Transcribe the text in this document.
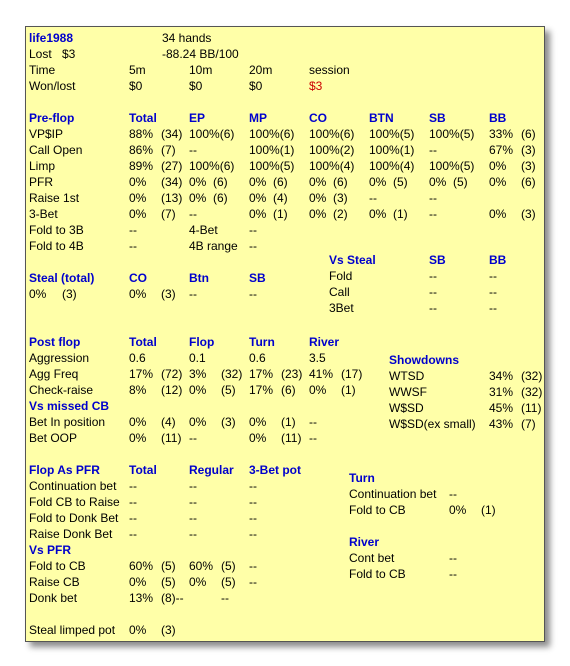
life1988	34 hands
Lost $3	-88.24 BB/100
Time	5m	10m	20m	session
Won/lost	$0	$0	$0	$3
Pre-flop	Total	EP	MP	CO	BTN	SB	BB
VP$IP	88% (34) 100%(6) 100%(6) 100%(6) 100%(5) 100%(5) 33% (6)
Call Open	86% (7) --	100%(1) 100%(2) 100%(1) --	67% (3)
Limp	89% (27) 100%(6) 100%(5) 100%(4) 100%(4) 100%(5) 0% (3)
PFR	0% (34) 0%  (6) 0%  (6) 0%  (6) 0%  (5) 0%  (5) 0% (6)
Raise 1st	0% (13) 0%  (6) 0%  (4) 0%  (3) --	--
3-Bet	0% (7) --	0%  (1) 0%  (2) 0%  (1) --	0% (3)
Fold to 3B	--	4-Bet	--
Fold to 4B	--	4B range --
Vs Steal	SB	BB
Fold	--	--
Call	--	--
3Bet	--	--
Steal (total)	CO	Btn	SB
0% (3)	0% (3) --	--
Post flop	Total	Flop	Turn	River
Aggression	0.6	0.1	0.6	3.5
Agg Freq	17% (72) 3% (32) 17% (23) 41% (17)
Check-raise	8% (12) 0% (5) 17% (6) 0% (1)
Vs missed CB
Bet In position 0% (4) 0% (3) 0% (1) --
Bet OOP	0% (11) --	0% (11) --
Showdowns
WTSD	34% (32)
WWSF	31% (32)
W$SD	45% (11)
W$SD(ex small) 43% (7)
Flop As PFR Total	Regular 3-Bet pot
Continuation bet --	--	--
Fold CB to Raise --	--	--
Fold to Donk Bet --	--	--
Raise Donk Bet --	--	--
Vs PFR
Fold to CB	60% (5) 60% (5) --
Raise CB	0% (5) 0% (5) --
Donk bet	13% (8)--	--
Turn
Continuation bet --
Fold to CB	0% (1)
River
Cont bet	--
Fold to CB	--
Steal limped pot 0% (3)
